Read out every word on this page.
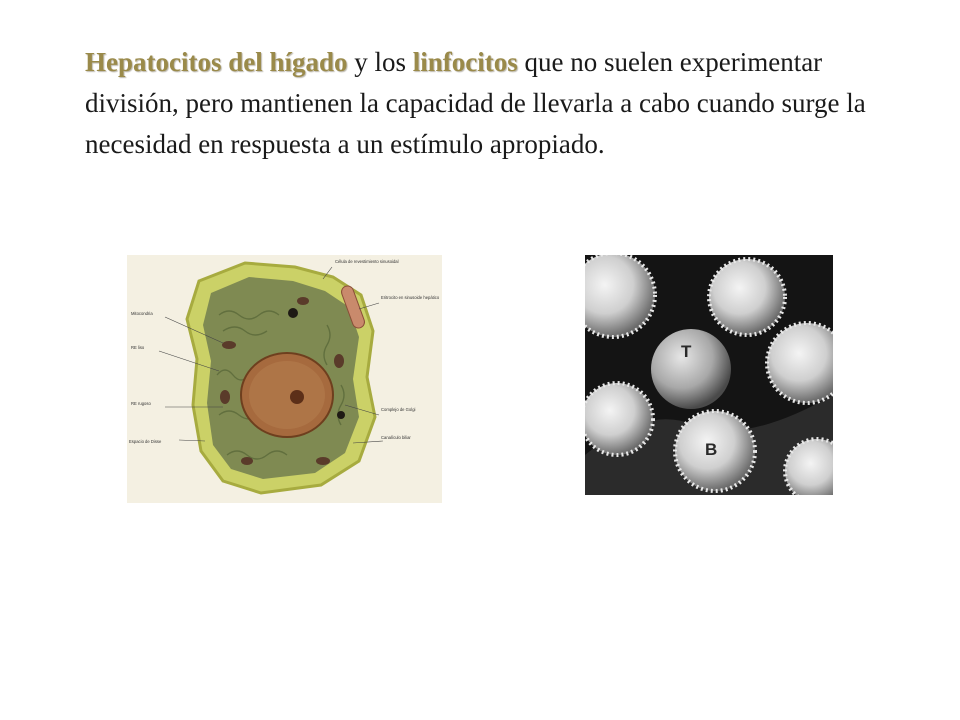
Hepatocitos del hígado y los linfocitos que no suelen experimentar división, pero mantienen la capacidad de llevarla a cabo cuando surge la necesidad en respuesta a un estímulo apropiado.

Célula de revestimiento sinusoidal
Eritrocito en sinusoide hepático
Mitocondria
RE liso
RE rugoso
Espacio de Disse
Complejo de Golgi
Canalículo biliar
T
B
